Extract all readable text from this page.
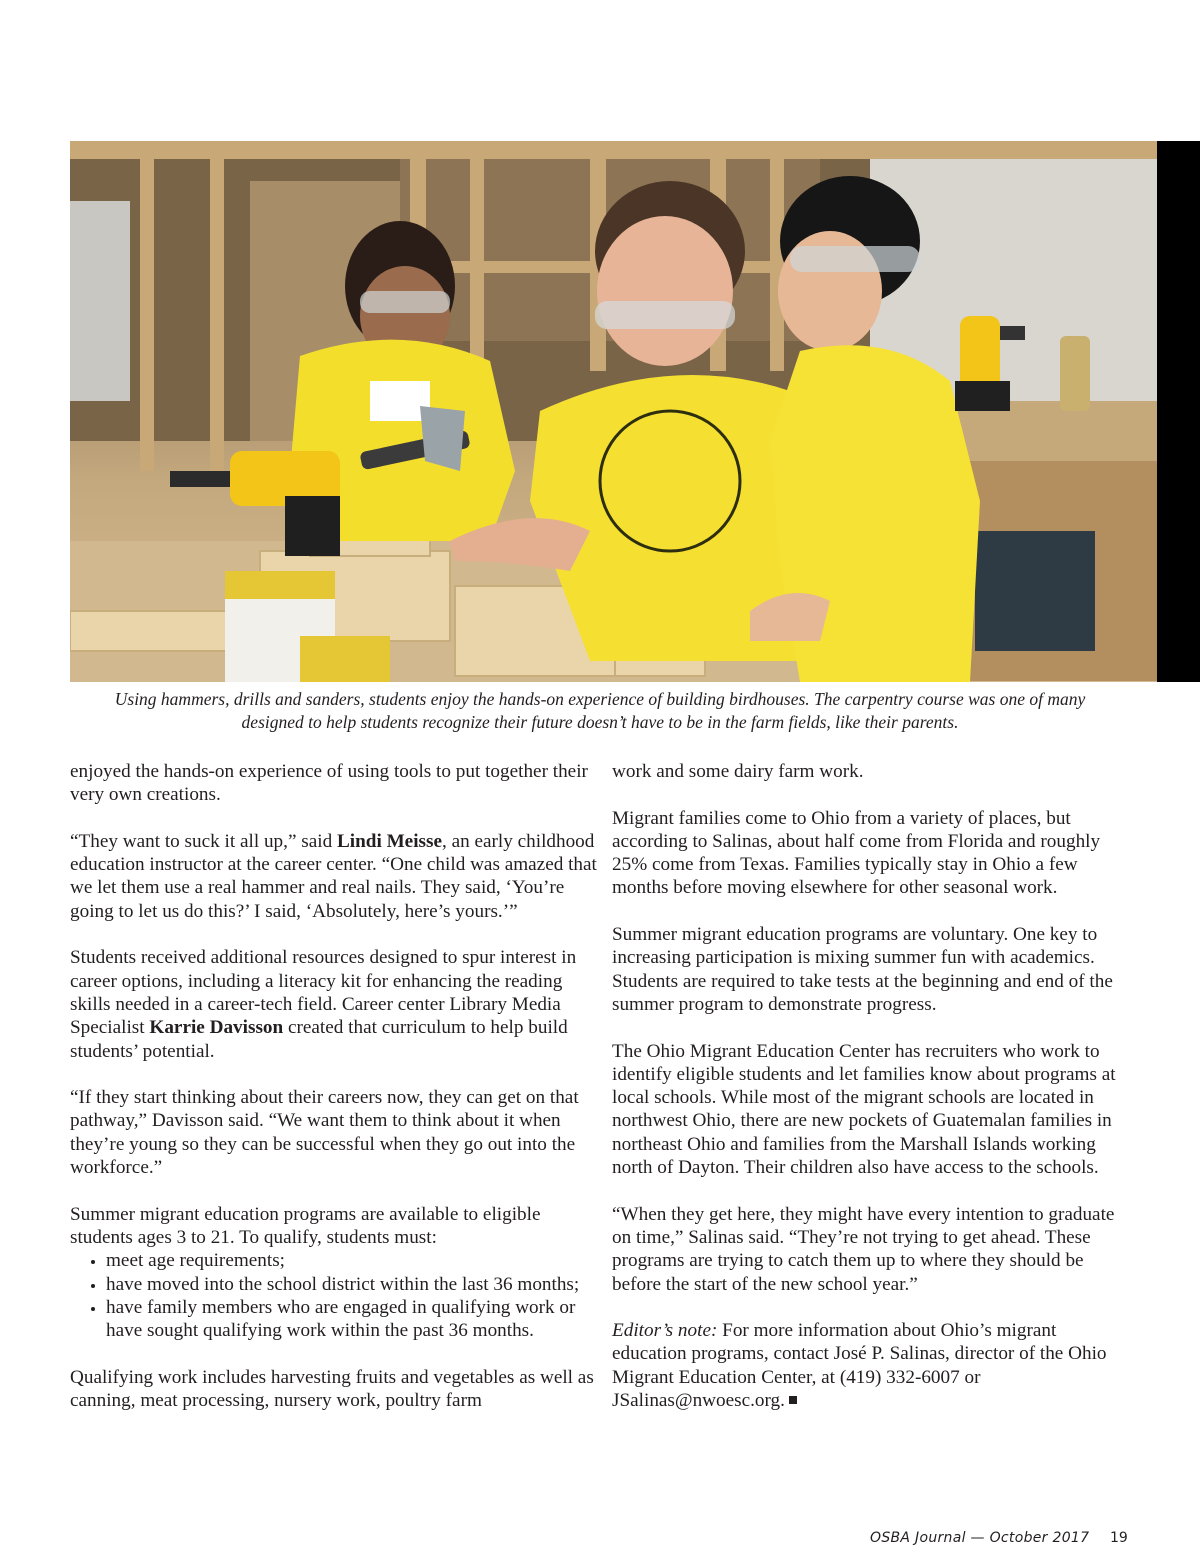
Using hammers, drills and sanders, students enjoy the hands-on experience of building birdhouses. The carpentry course was one of many
designed to help students recognize their future doesn’t have to be in the farm fields, like their parents.

enjoyed the hands-on experience of using tools to put together their very own creations.

“They want to suck it all up,” said Lindi Meisse, an early childhood education instructor at the career center. “One child was amazed that we let them use a real hammer and real nails. They said, ‘You’re going to let us do this?’ I said, ‘Absolutely, here’s yours.’”

Students received additional resources designed to spur interest in career options, including a literacy kit for enhancing the reading skills needed in a career-tech field. Career center Library Media Specialist Karrie Davisson created that curriculum to help build students’ potential.

“If they start thinking about their careers now, they can get on that pathway,” Davisson said. “We want them to think about it when they’re young so they can be successful when they go out into the workforce.”

Summer migrant education programs are available to eligible students ages 3 to 21. To qualify, students must:

• meet age requirements;
• have moved into the school district within the last 36 months;
• have family members who are engaged in qualifying work or have sought qualifying work within the past 36 months.

Qualifying work includes harvesting fruits and vegetables as well as canning, meat processing, nursery work, poultry farm

work and some dairy farm work.

Migrant families come to Ohio from a variety of places, but according to Salinas, about half come from Florida and roughly 25% come from Texas. Families typically stay in Ohio a few months before moving elsewhere for other seasonal work.

Summer migrant education programs are voluntary. One key to increasing participation is mixing summer fun with academics. Students are required to take tests at the beginning and end of the summer program to demonstrate progress.

The Ohio Migrant Education Center has recruiters who work to identify eligible students and let families know about programs at local schools. While most of the migrant schools are located in northwest Ohio, there are new pockets of Guatemalan families in northeast Ohio and families from the Marshall Islands working north of Dayton. Their children also have access to the schools.

“When they get here, they might have every intention to graduate on time,” Salinas said. “They’re not trying to get ahead. These programs are trying to catch them up to where they should be before the start of the new school year.”

Editor’s note: For more information about Ohio’s migrant education programs, contact José P. Salinas, director of the Ohio Migrant Education Center, at (419) 332-6007 or JSalinas@nwoesc.org.

OSBA Journal — October 2017 19
